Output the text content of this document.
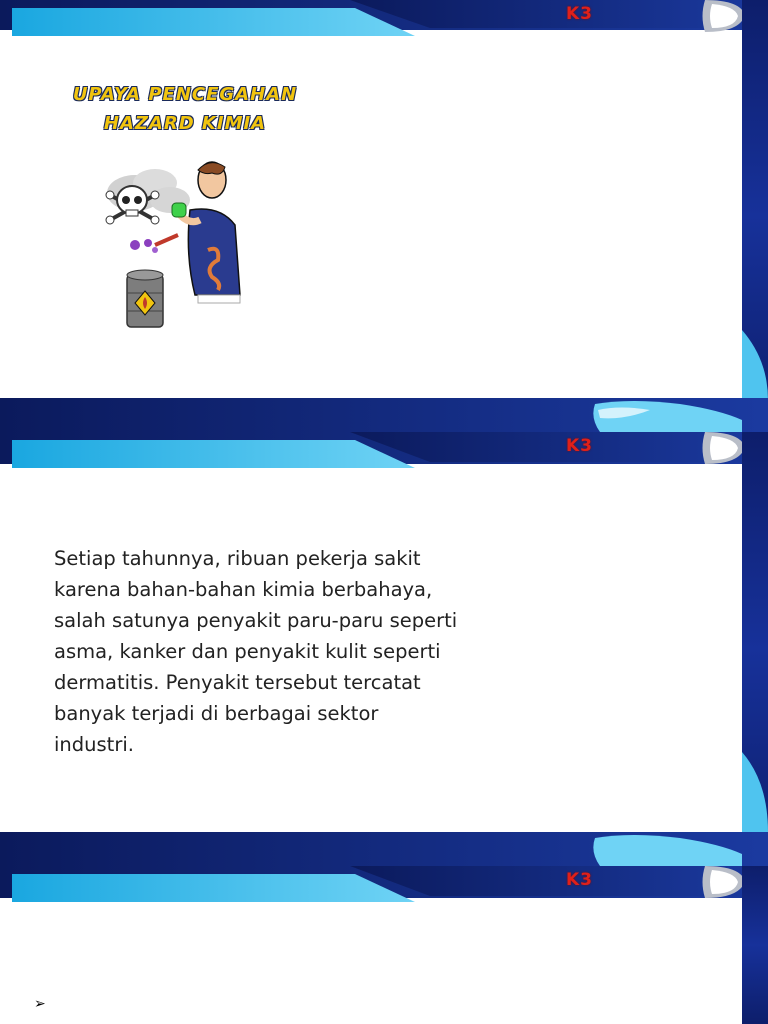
K3
UPAYA PENCEGAHAN
HAZARD KIMIA
K3
Setiap tahunnya, ribuan pekerja sakit karena bahan-bahan kimia berbahaya, salah satunya penyakit paru-paru seperti asma, kanker dan penyakit kulit seperti dermatitis. Penyakit tersebut tercatat banyak terjadi di berbagai sektor industri.
K3
➢
